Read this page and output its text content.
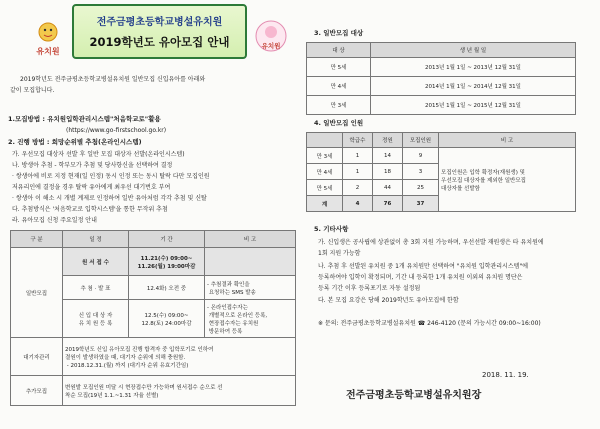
유치원
전주금평초등학교병설유치원
2019학년도 유아모집 안내	유치원
2019학년도 전주금평초등학교병설유치원 일반모집 신입유아를 아래와
같이 모집합니다.
1.모집방법 : 유치원입학관리시스템"처음학교로"활용
(https://www.go-firstschool.go.kr)
2. 진행 방법 : 희망순위별 추첨(온라인시스템)
가. 우선모집 대상자 선발 후 일반 모집 대상자 선발(온라인시스템)
나. 방생아 추첨 - 학부모가 추첨 및 당사항신을 선택하여 결정
· 쌍생아에 비로 지정 현재(일 인정) 동시 인정 또는 동시 탈락 다만 모집인원
저유리인에 결정을 경우 탈락 유아에게 최우선 대기번호 부여
· 쌍생아 이 해소 시 개별 계제로 인정하여 일반 유아처럼 각각 추첨 및 신탈
다. 추첨방식은 '처음학교로 입학시스템'을 통한 무작위 추첨
라. 유아모집 신청 주요일정 안내
구 분	일 정	기 간	비 고
일반모집	원 서 접 수	11.21(수) 09:00~
11.26(월) 19:00마감	
	추 첨 · 발 표	12.4화) 오전 중	- 추첨결과 확인을
요청하는 SMS 발송
	신 입 대 상 자
유 치 원 등 록	12.5(수) 09:00~
12.8(토) 24:00마감	- 온라인접수자는
개별적으로 온라인 등록,
현장접수자는 유치원
방문하여 등록
대기자관리	2019학년도 신입 유아모집 진행 합격자 중 입학포기로 인하여
결원이 발생하였을 때, 대기자 순위에 의해 충원함.
- 2018.12.31.(월) 까지 (대기자 순위 유효기간임)		
추가모집	변원발 모집인원 미달 시 현장접수만 가능하며 원서접수 순으로 선
착순 모집(19년 1.1.~1.31 자율 선별)		
3. 일반모집 대상
대 상	생 년 월 일
만 5세	2013년 1월 1일 ~ 2013년 12월 31일
만 4세	2014년 1월 1일 ~ 2014년 12월 31일
만 3세	2015년 1월 1일 ~ 2015년 12월 31일
4. 일반모집 인원
	학급수	정원	모집인원	비 고
만 3세	1	14	9	모집인원은 입학 확정자(재원생) 및
우선모집 대상자를 제외한 일반모집
대상자를 선발함
만 4세	1	18	3	
만 5세	2	44	25	
계	4	76	37	
5. 기타사항
가. 신입생은 공사립에 상관없이 총 3회 지원 가능하며, 우선선발 재원생은 타 유치원에
1회 지원 가능함
나. 추첨 후 선발된 유치원 중 1개 유치원만 선택하여 "유치원 입학관리시스템"에
등록하여야 입학이 확정되며, 기간 내 등록한 1개 유치원 이외의 유치원 명단은
등록 기간 이후 등록포기로 자동 설정됨
다. 본 모집 요강은 당해 2019학년도 유아모집에 한함
※ 문의: 전주금평초등학교병설유치원 ☎ 246-4120 (문의 가능시간 09:00~16:00)
2018. 11. 19.
전주금평초등학교병설유치원장
